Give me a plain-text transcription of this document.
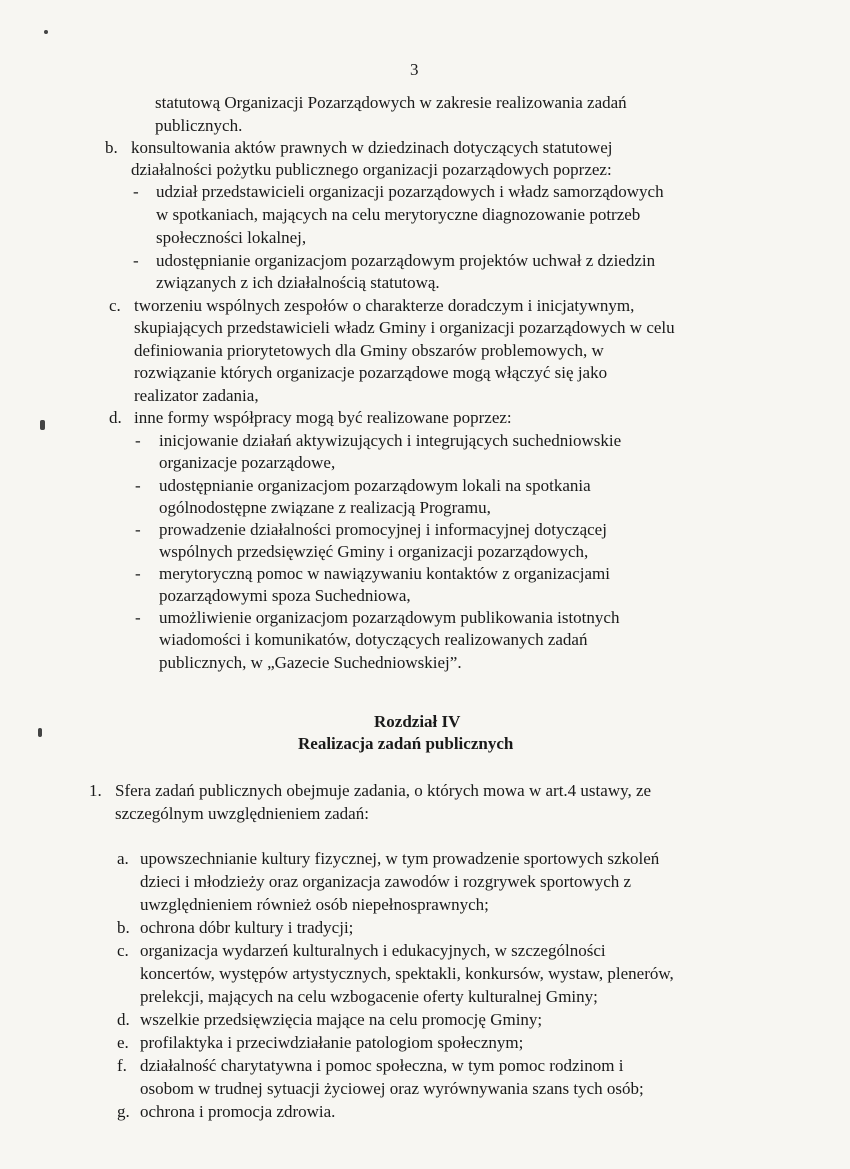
3
statutową Organizacji Pozarządowych w zakresie realizowania zadań
publicznych.
b. konsultowania aktów prawnych w dziedzinach dotyczących statutowej
działalności pożytku publicznego organizacji pozarządowych poprzez:
- udział przedstawicieli organizacji pozarządowych i władz samorządowych
w spotkaniach, mających na celu merytoryczne diagnozowanie potrzeb
społeczności lokalnej,
- udostępnianie organizacjom pozarządowym projektów uchwał z dziedzin
związanych z ich działalnością statutową.
c. tworzeniu wspólnych zespołów o charakterze doradczym i inicjatywnym,
skupiających przedstawicieli władz Gminy i organizacji pozarządowych w celu
definiowania priorytetowych dla Gminy obszarów problemowych, w
rozwiązanie których organizacje pozarządowe mogą włączyć się jako
realizator zadania,
d. inne formy współpracy mogą być realizowane poprzez:
- inicjowanie działań aktywizujących i integrujących suchedniowskie
organizacje pozarządowe,
- udostępnianie organizacjom pozarządowym lokali na spotkania
ogólnodostępne związane z realizacją Programu,
- prowadzenie działalności promocyjnej i informacyjnej dotyczącej
wspólnych przedsięwzięć Gminy i organizacji pozarządowych,
- merytoryczną pomoc w nawiązywaniu kontaktów z organizacjami
pozarządowymi spoza Suchedniowa,
- umożliwienie organizacjom pozarządowym publikowania istotnych
wiadomości i komunikatów, dotyczących realizowanych zadań
publicznych, w „Gazecie Suchedniowskiej”.
Rozdział IV
Realizacja zadań publicznych
1. Sfera zadań publicznych obejmuje zadania, o których mowa w art.4 ustawy, ze
szczególnym uwzględnieniem zadań:
a. upowszechnianie kultury fizycznej, w tym prowadzenie sportowych szkoleń
dzieci i młodzieży oraz organizacja zawodów i rozgrywek sportowych z
uwzględnieniem również osób niepełnosprawnych;
b. ochrona dóbr kultury i tradycji;
c. organizacja wydarzeń kulturalnych i edukacyjnych, w szczególności
koncertów, występów artystycznych, spektakli, konkursów, wystaw, plenerów,
prelekcji, mających na celu wzbogacenie oferty kulturalnej Gminy;
d. wszelkie przedsięwzięcia mające na celu promocję Gminy;
e. profilaktyka i przeciwdziałanie patologiom społecznym;
f. działalność charytatywna i pomoc społeczna, w tym pomoc rodzinom i
osobom w trudnej sytuacji życiowej oraz wyrównywania szans tych osób;
g. ochrona i promocja zdrowia.
